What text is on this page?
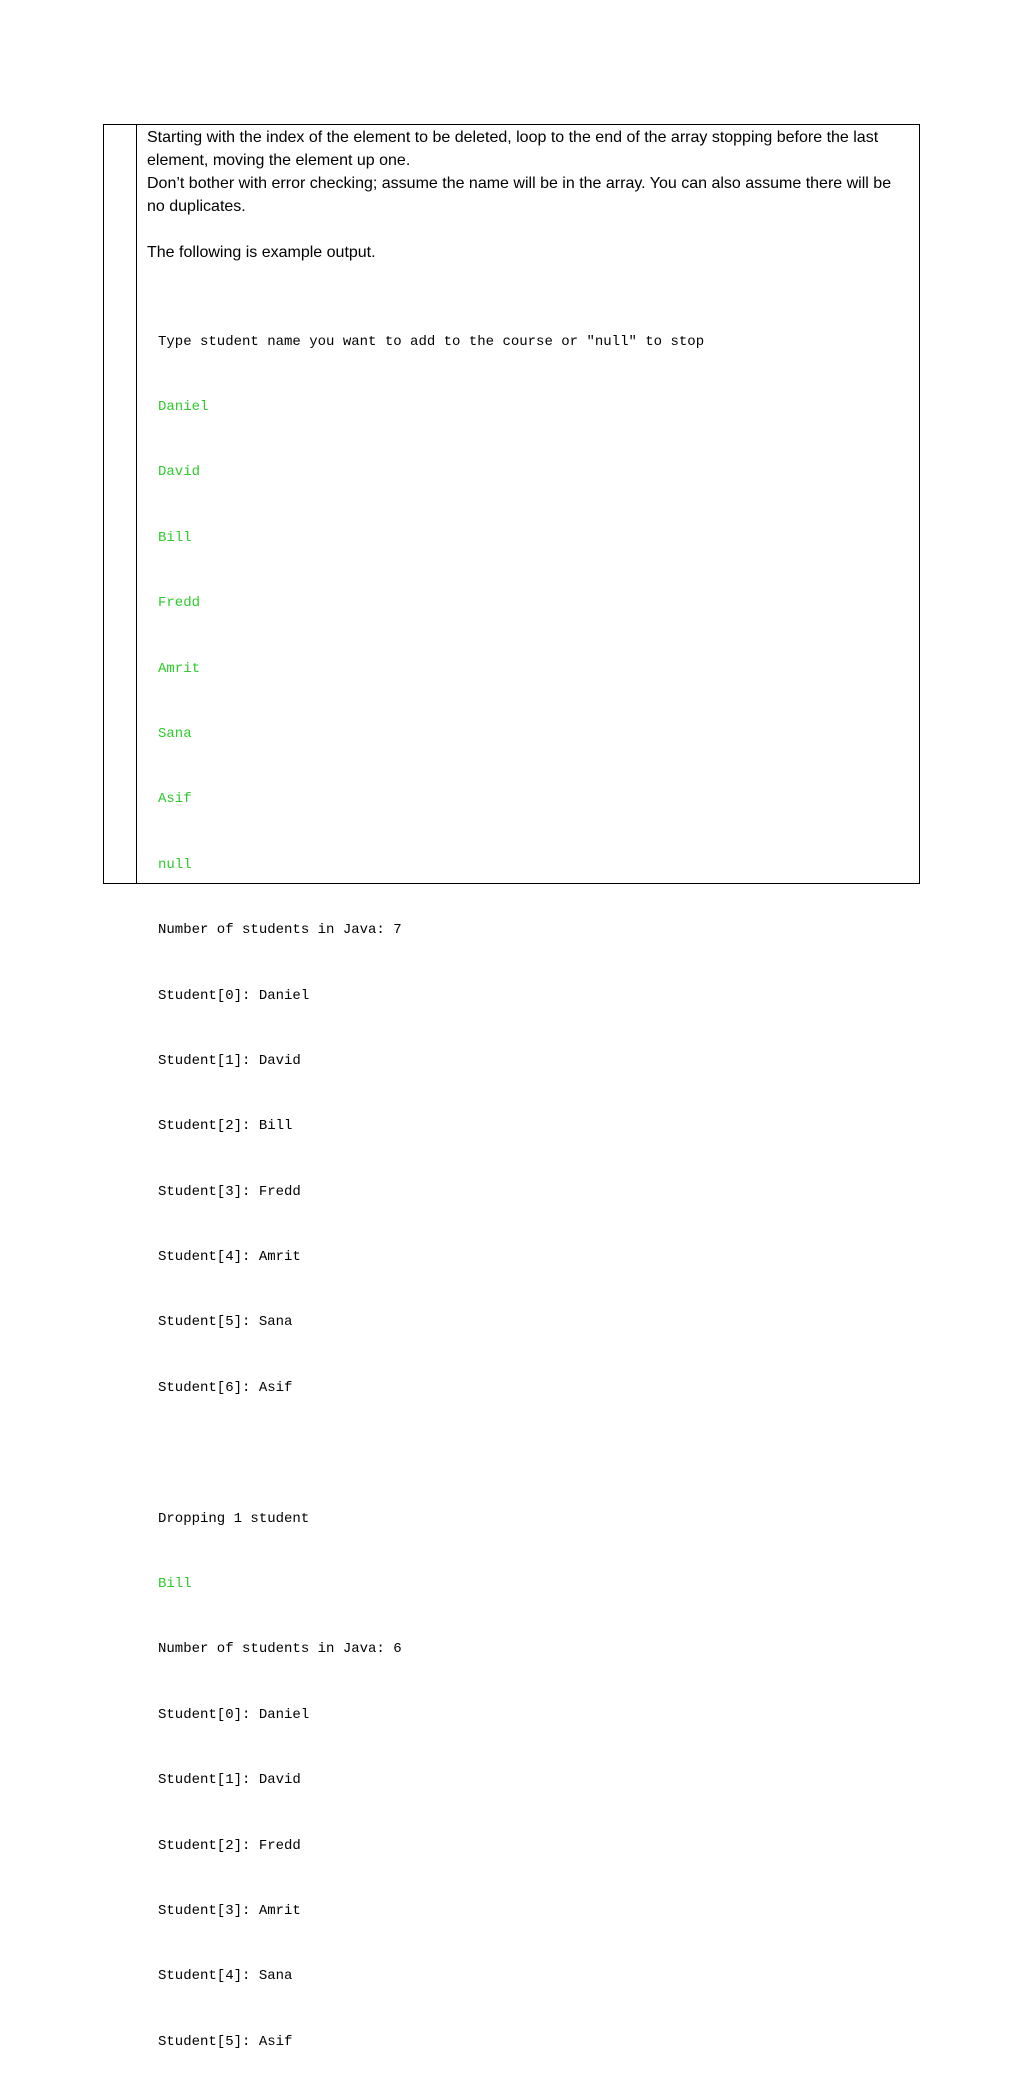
Starting with the index of the element to be deleted, loop to the end of the array stopping before the last element, moving the element up one.

Don’t bother with error checking; assume the name will be in the array. You can also assume there will be no duplicates.

The following is example output.

Type student name you want to add to the course or "null" to stop

Daniel

David

Bill

Fredd

Amrit

Sana

Asif

null

Number of students in Java: 7

Student[0]: Daniel

Student[1]: David

Student[2]: Bill

Student[3]: Fredd

Student[4]: Amrit

Student[5]: Sana

Student[6]: Asif

Dropping 1 student

Bill

Number of students in Java: 6

Student[0]: Daniel

Student[1]: David

Student[2]: Fredd

Student[3]: Amrit

Student[4]: Sana

Student[5]: Asif
